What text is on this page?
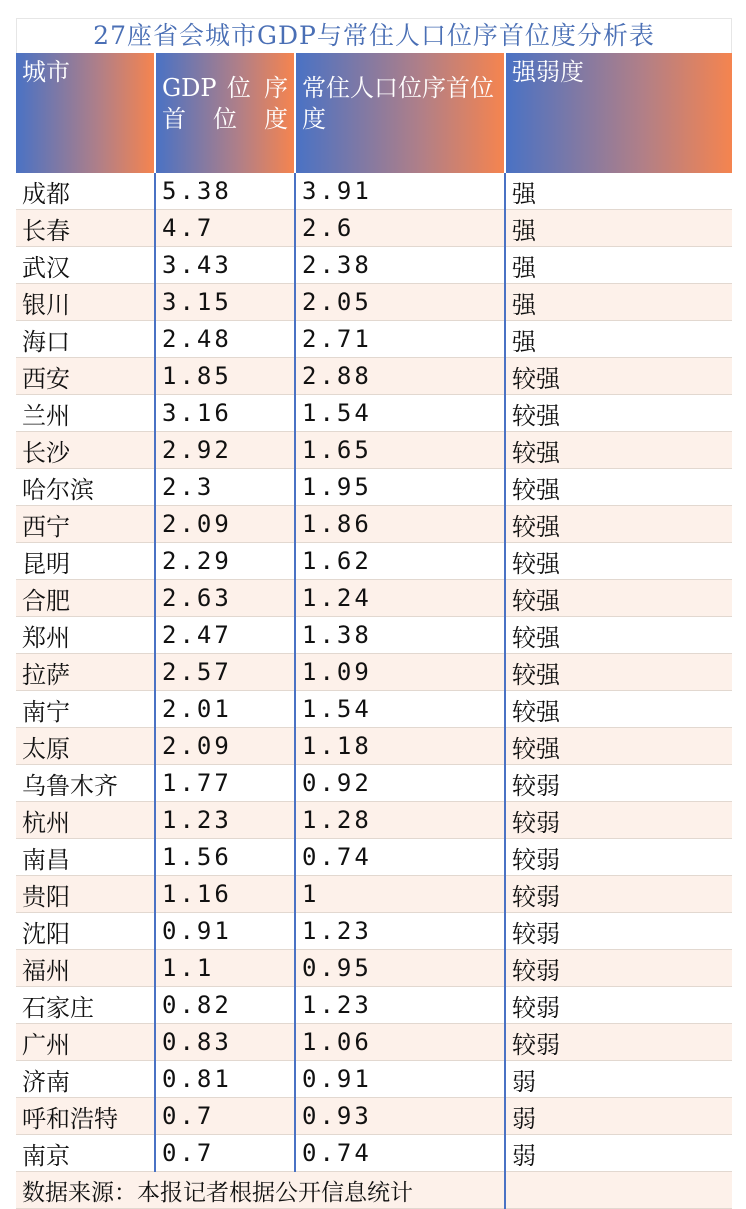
27座省会城市GDP与常住人口位序首位度分析表
城市	GDP 位 序首位度	常住人口位序首位度	强弱度
成都	5.38	3.91	强
长春	4.7	2.6	强
武汉	3.43	2.38	强
银川	3.15	2.05	强
海口	2.48	2.71	强
西安	1.85	2.88	较强
兰州	3.16	1.54	较强
长沙	2.92	1.65	较强
哈尔滨	2.3	1.95	较强
西宁	2.09	1.86	较强
昆明	2.29	1.62	较强
合肥	2.63	1.24	较强
郑州	2.47	1.38	较强
拉萨	2.57	1.09	较强
南宁	2.01	1.54	较强
太原	2.09	1.18	较强
乌鲁木齐	1.77	0.92	较弱
杭州	1.23	1.28	较弱
南昌	1.56	0.74	较弱
贵阳	1.16	1	较弱
沈阳	0.91	1.23	较弱
福州	1.1	0.95	较弱
石家庄	0.82	1.23	较弱
广州	0.83	1.06	较弱
济南	0.81	0.91	弱
呼和浩特	0.7	0.93	弱
南京	0.7	0.74	弱
数据来源：本报记者根据公开信息统计			
